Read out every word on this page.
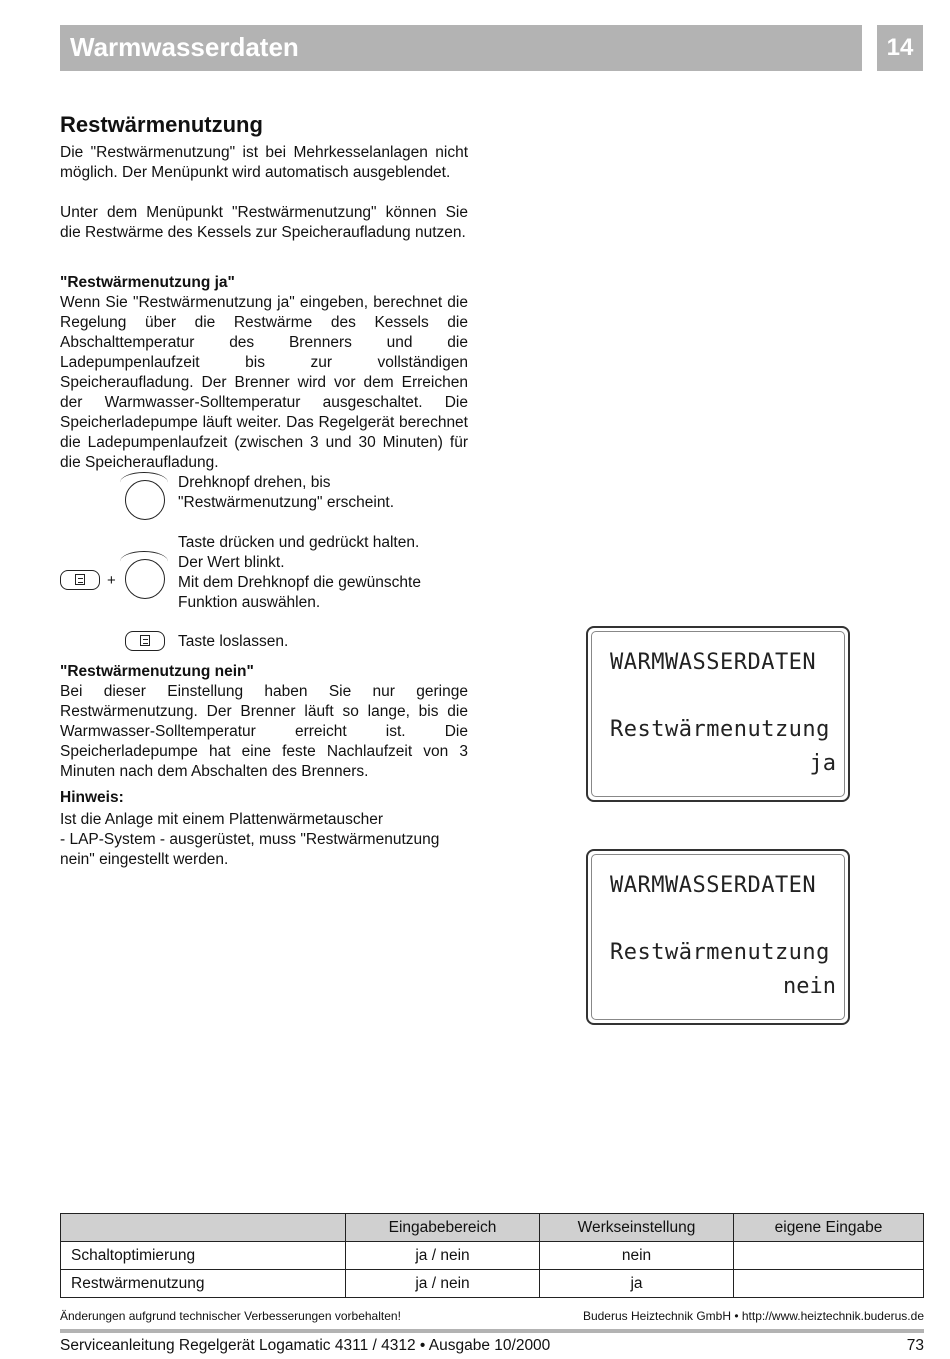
Warmwasserdaten	14
Restwärmenutzung
Die "Restwärmenutzung" ist bei Mehrkesselanlagen nicht möglich. Der Menüpunkt wird automatisch ausgeblendet.
Unter dem Menüpunkt "Restwärmenutzung" können Sie die Restwärme des Kessels zur Speicheraufladung nutzen.
"Restwärmenutzung ja"
Wenn Sie "Restwärmenutzung ja" eingeben, berechnet die Regelung über die Restwärme des Kessels die Abschalttemperatur des Brenners und die Ladepumpenlaufzeit bis zur vollständigen Speicheraufladung. Der Brenner wird vor dem Erreichen der Warmwasser-Solltemperatur ausgeschaltet. Die Speicherladepumpe läuft weiter. Das Regelgerät berechnet die Ladepumpenlaufzeit (zwischen 3 und 30 Minuten) für die Speicheraufladung.
Drehknopf drehen, bis
"Restwärmenutzung" erscheint.
+
Taste drücken und gedrückt halten.
Der Wert blinkt.
Mit dem Drehknopf die gewünschte
Funktion auswählen.
Taste loslassen.
"Restwärmenutzung nein"
Bei dieser Einstellung haben Sie nur geringe Restwärmenutzung. Der Brenner läuft so lange, bis die Warmwasser-Solltemperatur erreicht ist. Die Speicherladepumpe hat eine feste Nachlaufzeit von 3 Minuten nach dem Abschalten des Brenners.
Hinweis:
Ist die Anlage mit einem Plattenwärmetauscher
- LAP-System - ausgerüstet, muss "Restwärmenutzung
nein" eingestellt werden.
WARMWASSERDATEN
Restwärmenutzung
ja
WARMWASSERDATEN
Restwärmenutzung
nein
	Eingabebereich	Werkseinstellung	eigene Eingabe
Schaltoptimierung	ja / nein	nein	
Restwärmenutzung	ja / nein	ja	
Änderungen aufgrund technischer Verbesserungen vorbehalten!	Buderus Heiztechnik GmbH • http://www.heiztechnik.buderus.de
Serviceanleitung Regelgerät Logamatic 4311 / 4312 • Ausgabe 10/2000	73
